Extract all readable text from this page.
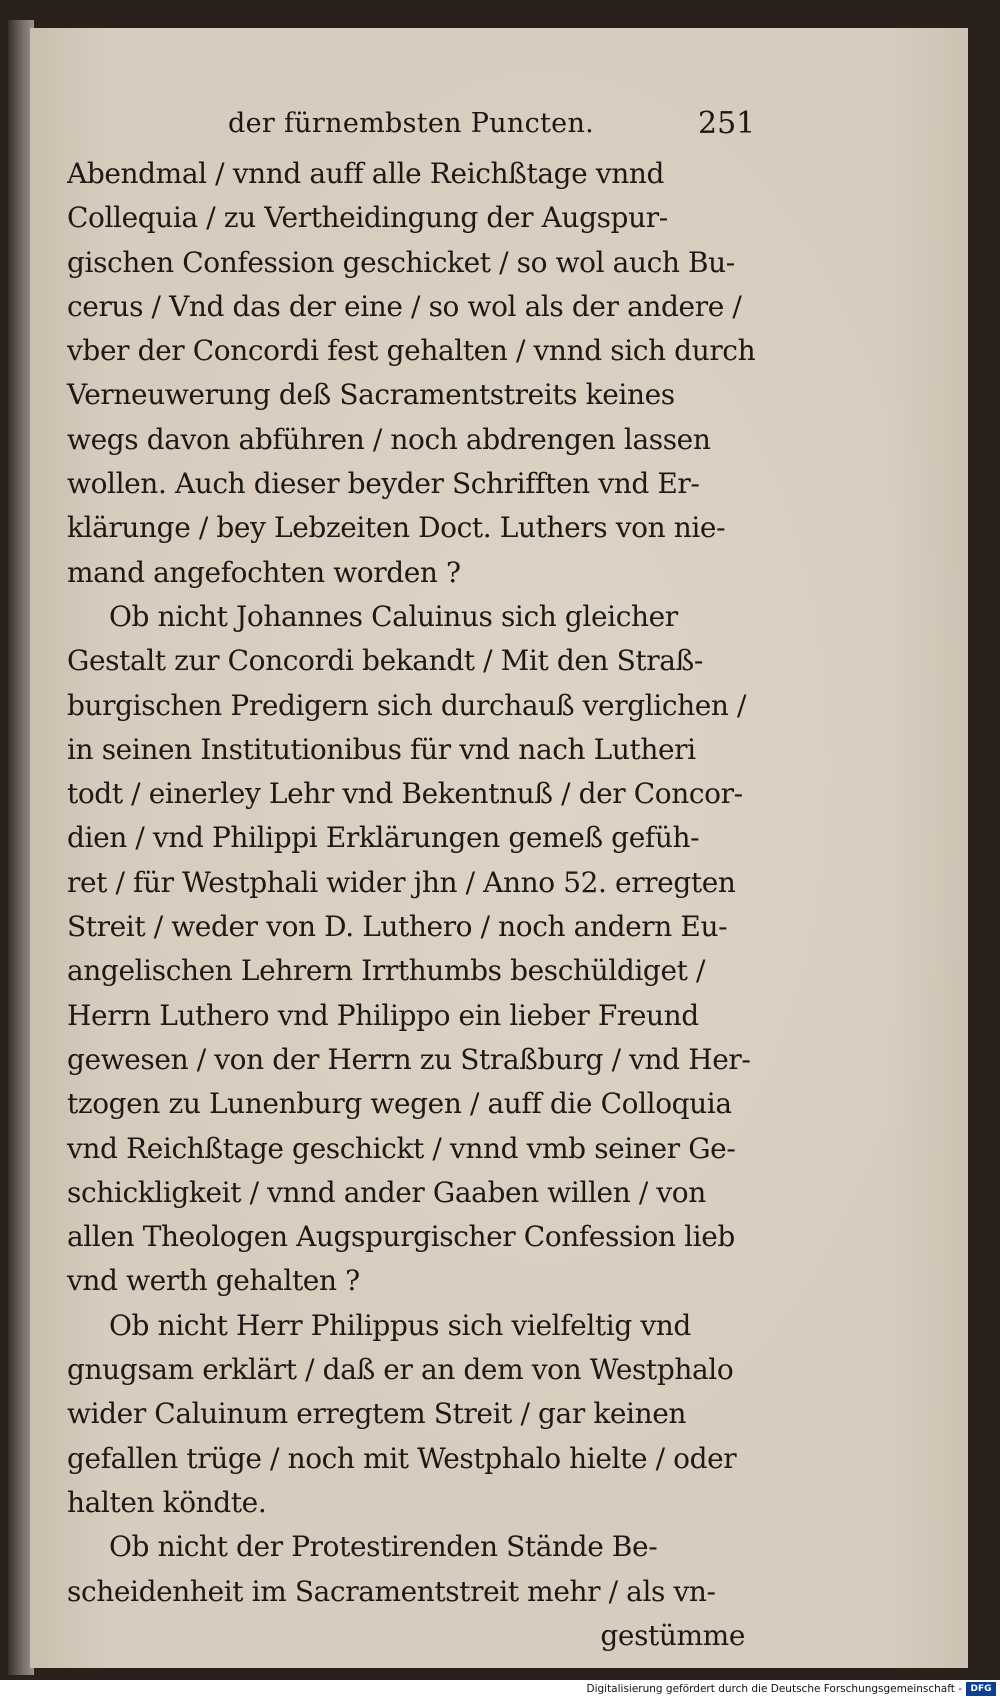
der fürnembsten Puncten.	251
Abendmal / vnnd auff alle Reichßtage vnnd
Collequia / zu Vertheidingung der Augspur-
gischen Confession geschicket / so wol auch Bu-
cerus / Vnd das der eine / so wol als der andere /
vber der Concordi fest gehalten / vnnd sich durch
Verneuwerung deß Sacramentstreits keines
wegs davon abführen / noch abdrengen lassen
wollen. Auch dieser beyder Schrifften vnd Er-
klärunge / bey Lebzeiten Doct. Luthers von nie-
mand angefochten worden ?
Ob nicht Johannes Caluinus sich gleicher
Gestalt zur Concordi bekandt / Mit den Straß-
burgischen Predigern sich durchauß verglichen /
in seinen Institutionibus für vnd nach Lutheri
todt / einerley Lehr vnd Bekentnuß / der Concor-
dien / vnd Philippi Erklärungen gemeß gefüh-
ret / für Westphali wider jhn / Anno 52. erregten
Streit / weder von D. Luthero / noch andern Eu-
angelischen Lehrern Irrthumbs beschüldiget /
Herrn Luthero vnd Philippo ein lieber Freund
gewesen / von der Herrn zu Straßburg / vnd Her-
tzogen zu Lunenburg wegen / auff die Colloquia
vnd Reichßtage geschickt / vnnd vmb seiner Ge-
schickligkeit / vnnd ander Gaaben willen / von
allen Theologen Augspurgischer Confession lieb
vnd werth gehalten ?
Ob nicht Herr Philippus sich vielfeltig vnd
gnugsam erklärt / daß er an dem von Westphalo
wider Caluinum erregtem Streit / gar keinen
gefallen trüge / noch mit Westphalo hielte / oder
halten köndte.
Ob nicht der Protestirenden Stände Be-
scheidenheit im Sacramentstreit mehr / als vn-
gestümme
Digitalisierung gefördert durch die Deutsche Forschungsgemeinschaft - DFG
